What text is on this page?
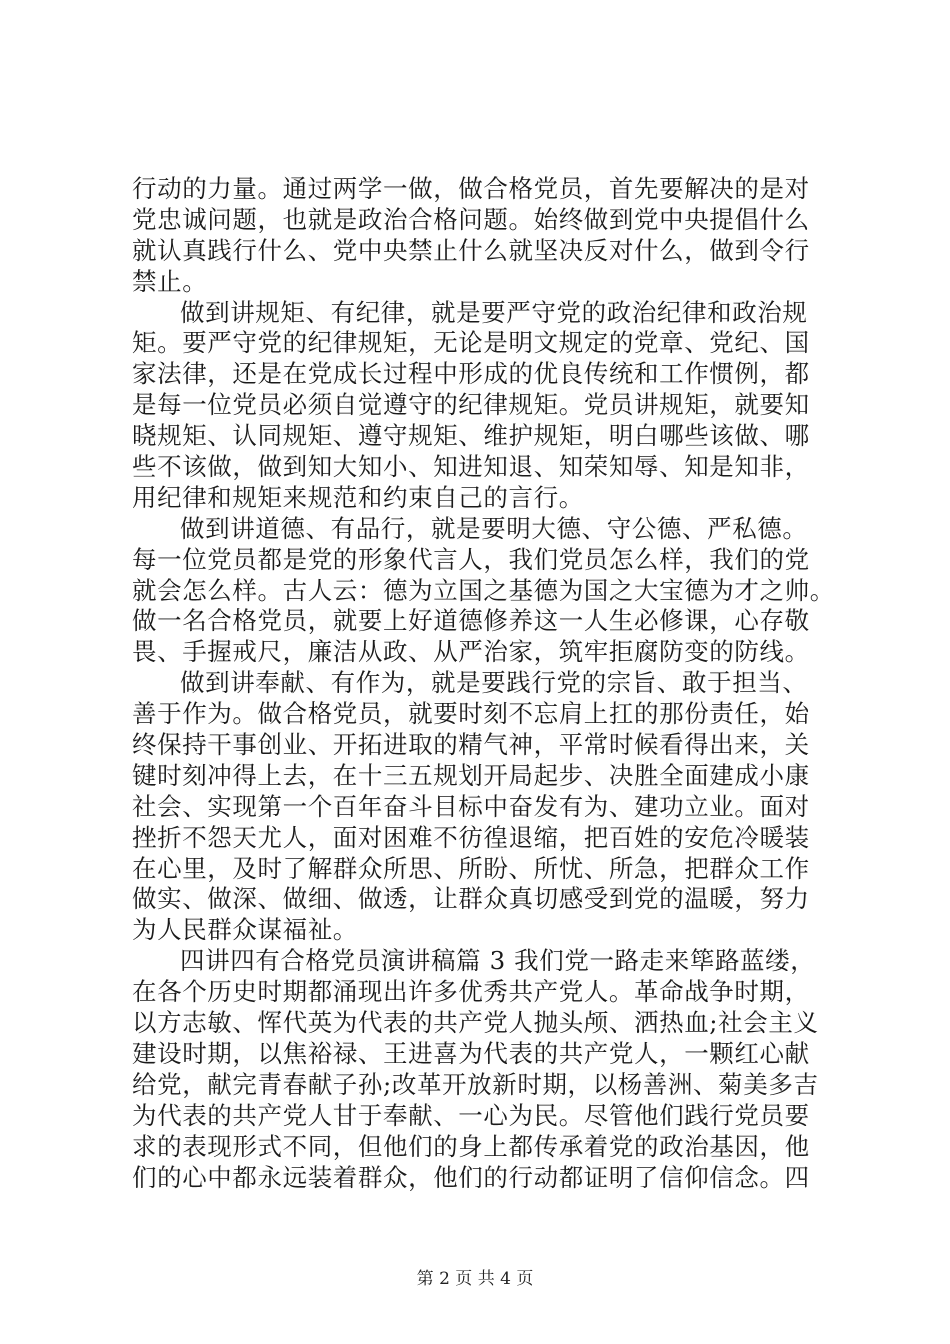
行动的力量。通过两学一做，做合格党员，首先要解决的是对
党忠诚问题，也就是政治合格问题。始终做到党中央提倡什么
就认真践行什么、党中央禁止什么就坚决反对什么，做到令行
禁止。
做到讲规矩、有纪律，就是要严守党的政治纪律和政治规
矩。要严守党的纪律规矩，无论是明文规定的党章、党纪、国
家法律，还是在党成长过程中形成的优良传统和工作惯例，都
是每一位党员必须自觉遵守的纪律规矩。党员讲规矩，就要知
晓规矩、认同规矩、遵守规矩、维护规矩，明白哪些该做、哪
些不该做，做到知大知小、知进知退、知荣知辱、知是知非，
用纪律和规矩来规范和约束自己的言行。
做到讲道德、有品行，就是要明大德、守公德、严私德。
每一位党员都是党的形象代言人，我们党员怎么样，我们的党
就会怎么样。古人云：德为立国之基德为国之大宝德为才之帅。
做一名合格党员，就要上好道德修养这一人生必修课，心存敬
畏、手握戒尺，廉洁从政、从严治家，筑牢拒腐防变的防线。
做到讲奉献、有作为，就是要践行党的宗旨、敢于担当、
善于作为。做合格党员，就要时刻不忘肩上扛的那份责任，始
终保持干事创业、开拓进取的精气神，平常时候看得出来，关
键时刻冲得上去，在十三五规划开局起步、决胜全面建成小康
社会、实现第一个百年奋斗目标中奋发有为、建功立业。面对
挫折不怨天尤人，面对困难不彷徨退缩，把百姓的安危冷暖装
在心里，及时了解群众所思、所盼、所忧、所急，把群众工作
做实、做深、做细、做透，让群众真切感受到党的温暖，努力
为人民群众谋福祉。
四讲四有合格党员演讲稿篇 3 我们党一路走来筚路蓝缕，
在各个历史时期都涌现出许多优秀共产党人。革命战争时期，
以方志敏、恽代英为代表的共产党人抛头颅、洒热血;社会主义
建设时期，以焦裕禄、王进喜为代表的共产党人，一颗红心献
给党，献完青春献子孙;改革开放新时期，以杨善洲、菊美多吉
为代表的共产党人甘于奉献、一心为民。尽管他们践行党员要
求的表现形式不同，但他们的身上都传承着党的政治基因，他
们的心中都永远装着群众，他们的行动都证明了信仰信念。四
第 2 页 共 4 页
